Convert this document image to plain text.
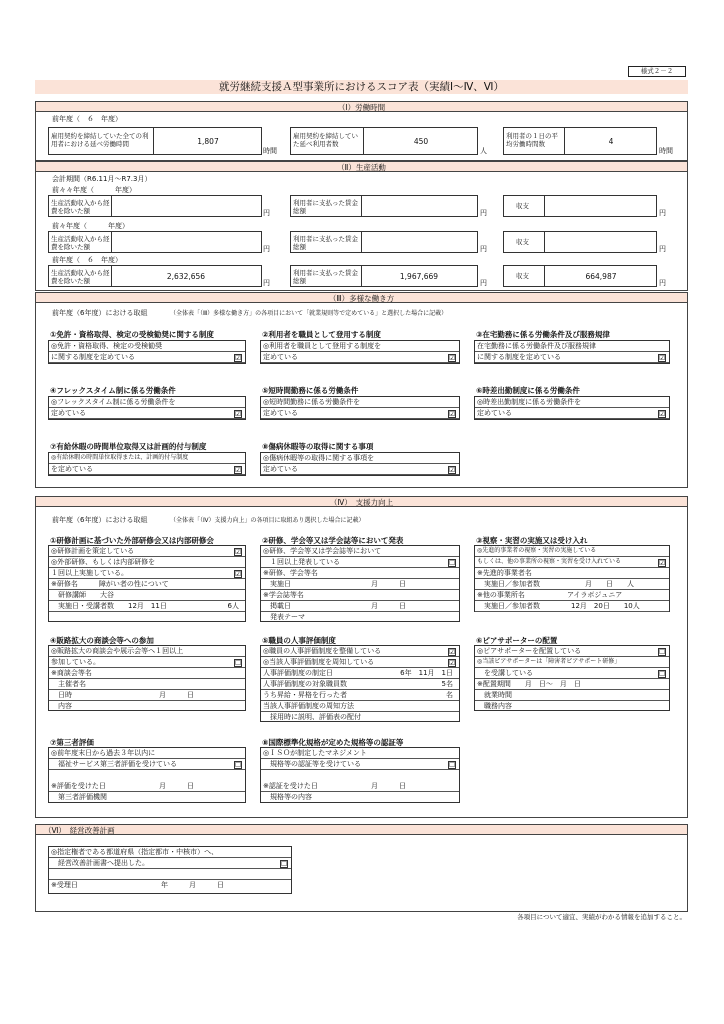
様式２－２
就労継続支援Ａ型事業所におけるスコア表（実績Ⅰ～Ⅳ、Ⅵ）
（Ⅰ）労働時間
前年度（　６　年度）
雇用契約を締結していた全ての利用者における延べ労働時間	1,807
時間
雇用契約を締結していた延べ利用者数	450
人
利用者の１日の平均労働時間数	4
時間
（Ⅱ）生産活動
会計期間（R6.11月～R7.3月）
前々々年度（　　　年度）
生産活動収入から経費を除いた額	円
利用者に支払った賃金総額	円
収支
円
前々年度（　　　年度）
生産活動収入から経費を除いた額	円
利用者に支払った賃金総額	円
収支
円
前年度（　６　年度）
生産活動収入から経費を除いた額	2,632,656
円
利用者に支払った賃金総額	1,967,669
円
収支	664,987
円
（Ⅲ）多様な働き方
前年度（6年度）における取組	（全体表「（Ⅲ）多様な働き方」の各項目において「就業規則等で定めている」と選択した場合に記載）
①免許・資格取得、検定の受検勧奨に関する制度
◎免許・資格取得、検定の受検勧奨
に関する制度を定めている	☑
②利用者を職員として登用する制度
◎利用者を職員として登用する制度を
定めている	☑
③在宅勤務に係る労働条件及び服務規律
在宅勤務に係る労働条件及び服務規律
に関する制度を定めている	☑
④フレックスタイム制に係る労働条件
◎フレックスタイム制に係る労働条件を
定めている	☑
⑤短時間勤務に係る労働条件
◎短時間勤務に係る労働条件を
定めている	☑
⑥時差出勤制度に係る労働条件
◎時差出勤制度に係る労働条件を
定めている	☑
⑦有給休暇の時間単位取得又は計画的付与制度
◎有給休暇の時間単位取得または、計画的付与制度
を定めている	☑
⑧傷病休暇等の取得に関する事項
◎傷病休暇等の取得に関する事項を
定めている	☑
（Ⅳ）　支援力向上
前年度（6年度）における取組	（全体表「（Ⅳ）支援力向上」の各項目に取組あり選択した場合に記載）
①研修計画に基づいた外部研修会又は内部研修会
◎研修計画を策定している	☑
◎外部研修、もしくは内部研修を
１回以上実施している。	☑
※研修名　　　障がい者の性について
　研修講師　　大谷
　実施日・受講者数　　12月　11日	6人
②研修、学会等又は学会誌等において発表
◎研修、学会等又は学会誌等において
　１回以上発表している	☐
※研修、学会等名
　実施日	月　　　日
※学会誌等名
　掲載日	月　　　日
　発表テーマ
③視察・実習の実施又は受け入れ
◎先進的事業者の視察・実習の実施している
もしくは、他の事業所の視察・実習を受け入れている	☑
※先進的事業者名
　実施日／参加者数	月　　日　　人
※他の事業所名	アイラボジュニア
　実施日／参加者数	12月　20日　　10人
④販路拡大の商談会等への参加
◎販路拡大の商談会や展示会等へ１回以上
参加している。	☐
※商談会等名
　主催者名
　日時	月　　　日
　内容
⑤職員の人事評価制度
◎職員の人事評価制度を整備している	☑
◎当該人事評価制度を周知している	☑
人事評価制度の制定日	6年　11月　1日
人事評価制度の対象職員数	5名
うち昇給・昇格を行った者	名
当該人事評価制度の周知方法
　採用時に説明、評価表の配付
⑥ピアサポーターの配置
◎ピアサポーターを配置している	☐
◎当該ピアサポーターは「障害者ピアサポート研修」
　を受講している	☐
※配置期間　　月　日～　月　日
　就業時間
　職務内容
⑦第三者評価
◎前年度末日から過去３年以内に
　福祉サービス第三者評価を受けている	☐
※評価を受けた日	月　　　日
　第三者評価機関
⑧国際標準化規格が定めた規格等の認証等
◎ＩＳＯが制定したマネジメント
　規格等の認証等を受けている	☐
※認証を受けた日	月　　　日
　規格等の内容
（Ⅵ）　経営改善計画
◎指定権者である都道府県（指定都市・中核市）へ、
　経営改善計画書へ提出した。	☐
※受理日	年　　　月　　　日
各項目について適宜、実績がわかる情報を追加すること。
